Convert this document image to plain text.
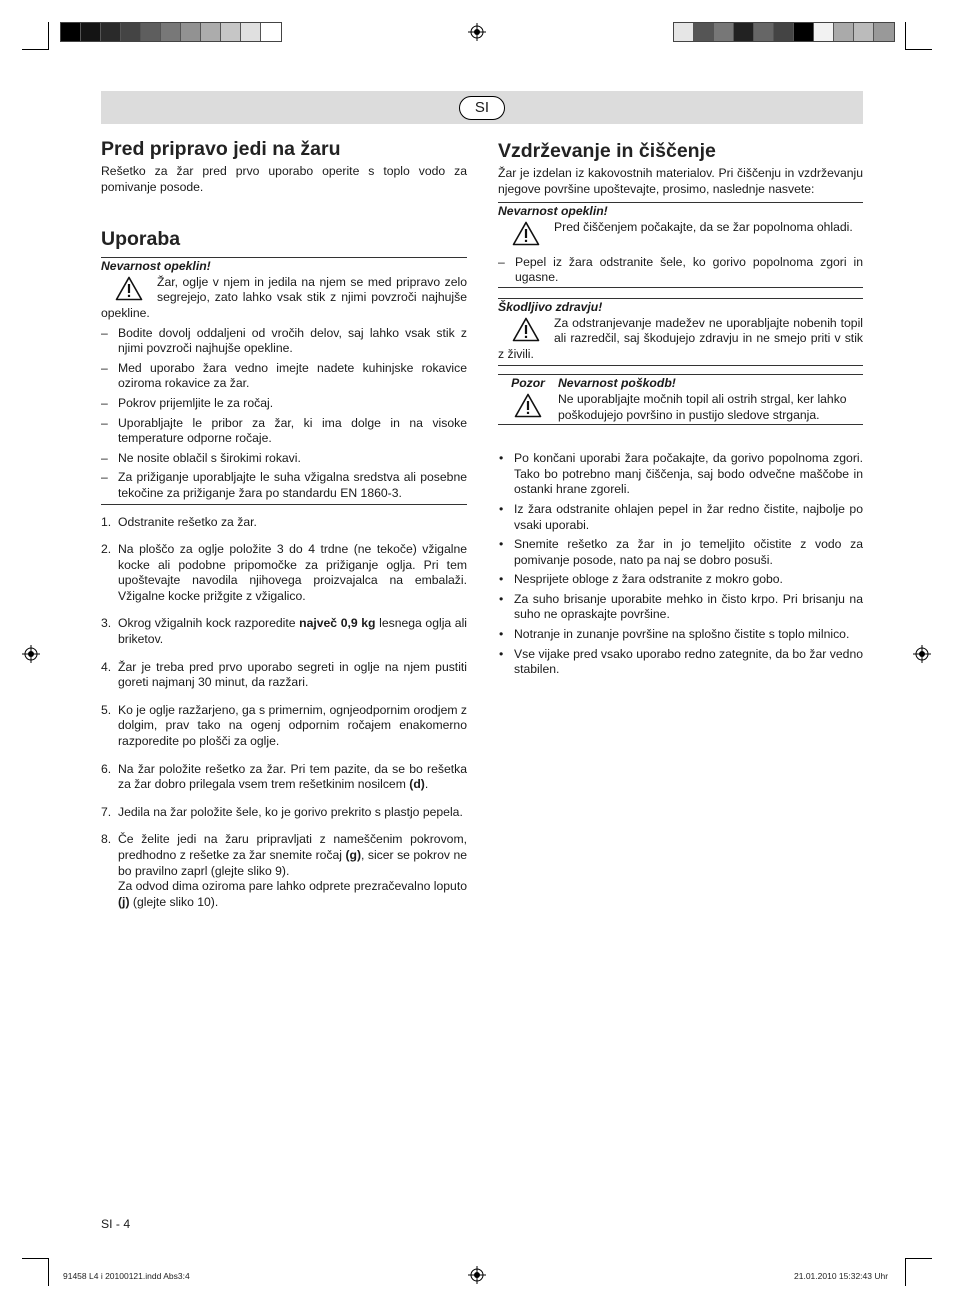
SI
Pred pripravo jedi na žaru

Rešetko za žar pred prvo uporabo operite s toplo vodo za pomivanje posode.

Uporaba
Nevarnost opeklin!

Žar, oglje v njem in jedila na njem se med pripravo zelo segrejejo, zato lahko vsak stik z njimi povzroči najhujše opekline.

– Bodite dovolj oddaljeni od vročih delov, saj lahko vsak stik z njimi povzroči najhujše opekline.
– Med uporabo žara vedno imejte nadete kuhinjske rokavice oziroma rokavice za žar.
– Pokrov prijemljite le za ročaj.
– Uporabljajte le pribor za žar, ki ima dolge in na visoke temperature odporne ročaje.
– Ne nosite oblačil s širokimi rokavi.
– Za prižiganje uporabljajte le suha vžigalna sredstva ali posebne tekočine za prižiganje žara po standardu EN 1860-3.
1. Odstranite rešetko za žar.
2. Na ploščo za oglje položite 3 do 4 trdne (ne tekoče) vžigalne kocke ali podobne pripomočke za prižiganje oglja. Pri tem upoštevajte navodila njihovega proizvajalca na embalaži. Vžigalne kocke prižgite z vžigalico.
3. Okrog vžigalnih kock razporedite največ 0,9 kg lesnega oglja ali briketov.
4. Žar je treba pred prvo uporabo segreti in oglje na njem pustiti goreti najmanj 30 minut, da razžari.
5. Ko je oglje razžarjeno, ga s primernim, ognjeodpornim orodjem z dolgim, prav tako na ogenj odpornim ročajem enakomerno razporedite po plošči za oglje.
6. Na žar položite rešetko za žar. Pri tem pazite, da se bo rešetka za žar dobro prilegala vsem trem rešetkinim nosilcem (d).
7. Jedila na žar položite šele, ko je gorivo prekrito s plastjo pepela.
8. Če želite jedi na žaru pripravljati z nameščenim pokrovom, predhodno z rešetke za žar snemite ročaj (g), sicer se pokrov ne bo pravilno zaprl (glejte sliko 9).
Za odvod dima oziroma pare lahko odprete prezračevalno loputo (j) (glejte sliko 10).
Vzdrževanje in čiščenje

Žar je izdelan iz kakovostnih materialov. Pri čiščenju in vzdrževanju njegove površine upoštevajte, prosimo, naslednje nasvete:

Nevarnost opeklin!

Pred čiščenjem počakajte, da se žar popolnoma ohladi.

– Pepel iz žara odstranite šele, ko gorivo popolnoma zgori in ugasne.
Škodljivo zdravju!

Za odstranjevanje madežev ne uporabljajte nobenih topil ali razredčil, saj škodujejo zdravju in ne smejo priti v stik z živili.

Pozor	Nevarnost poškodb!

Ne uporabljajte močnih topil ali ostrih strgal, ker lahko poškodujejo površino in pustijo sledove strganja.

• Po končani uporabi žara počakajte, da gorivo popolnoma zgori. Tako bo potrebno manj čiščenja, saj bodo odvečne maščobe in ostanki hrane zgoreli.
• Iz žara odstranite ohlajen pepel in žar redno čistite, najbolje po vsaki uporabi.
• Snemite rešetko za žar in jo temeljito očistite z vodo za pomivanje posode, nato pa naj se dobro posuši.
• Nesprijete obloge z žara odstranite z mokro gobo.
• Za suho brisanje uporabite mehko in čisto krpo. Pri brisanju na suho ne opraskajte površine.
• Notranje in zunanje površine na splošno čistite s toplo milnico.
• Vse vijake pred vsako uporabo redno zategnite, da bo žar vedno stabilen.
SI - 4
91458 L4 i 20100121.indd Abs3:4	21.01.2010 15:32:43 Uhr
